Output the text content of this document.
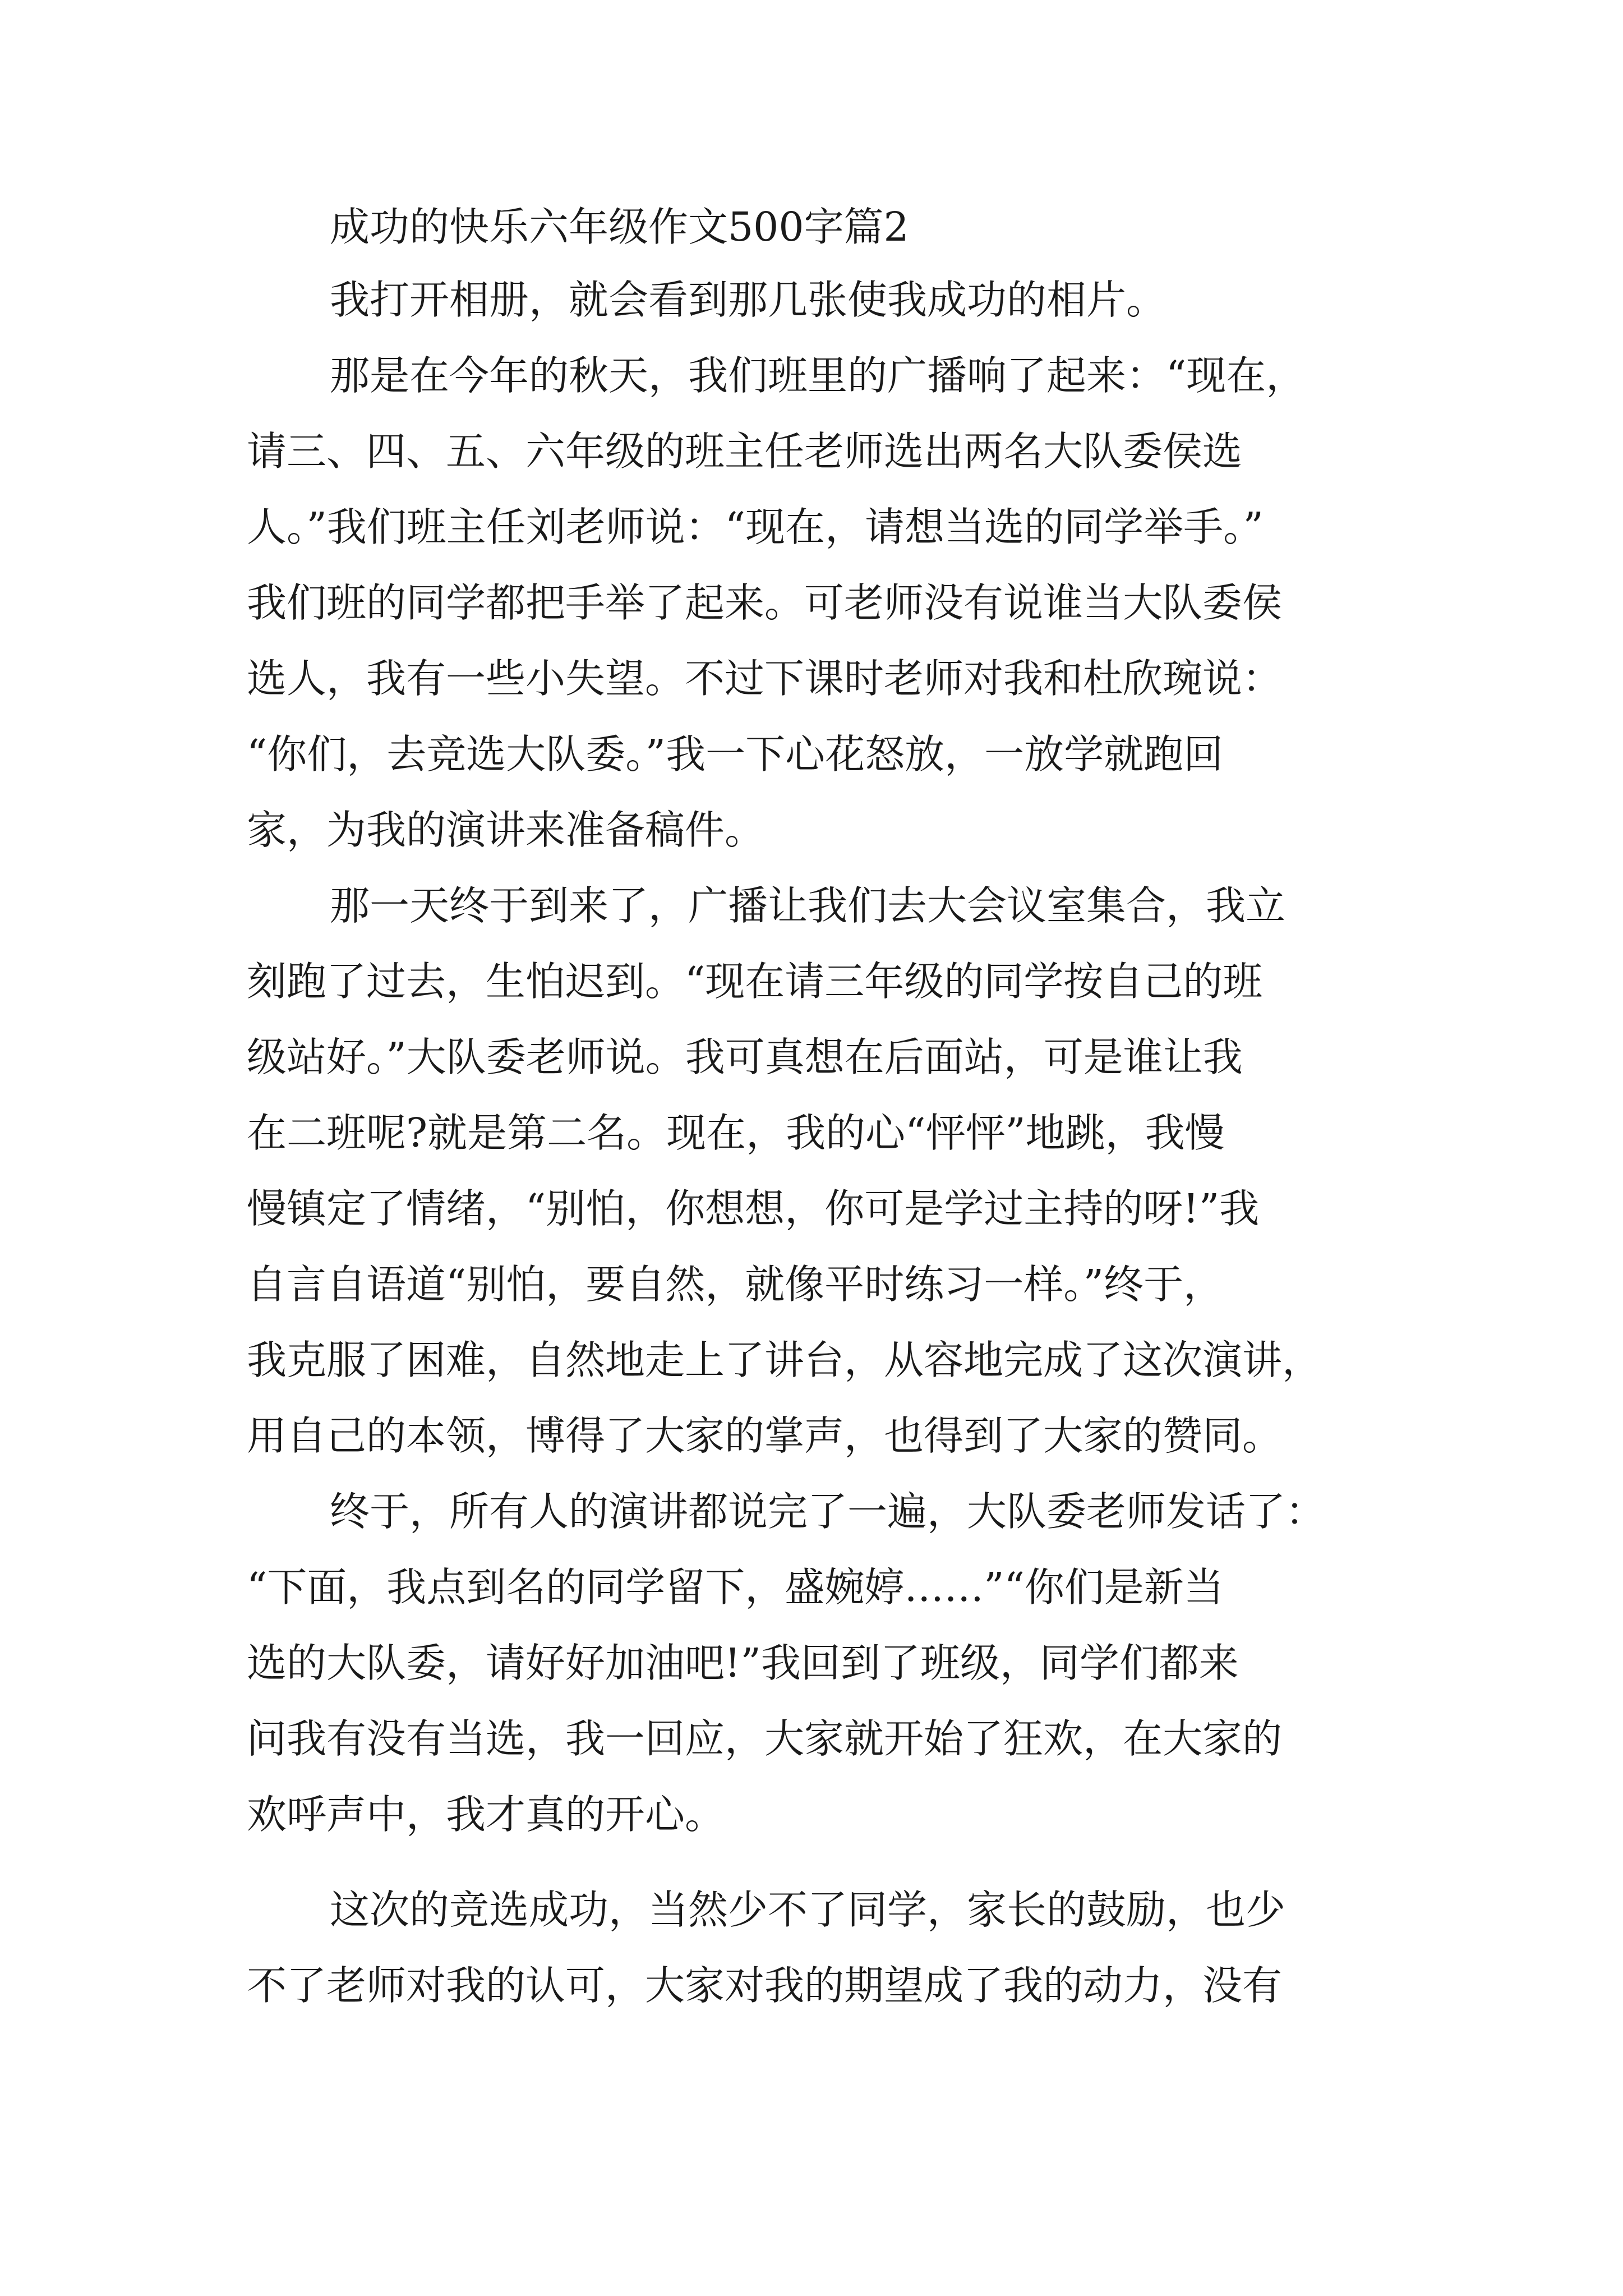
成功的快乐六年级作文500字篇2
我打开相册，就会看到那几张使我成功的相片。
那是在今年的秋天，我们班里的广播响了起来：“现在，
请三、四、五、六年级的班主任老师选出两名大队委侯选
人。”我们班主任刘老师说：“现在，请想当选的同学举手。”
我们班的同学都把手举了起来。可老师没有说谁当大队委侯
选人，我有一些小失望。不过下课时老师对我和杜欣琬说：
“你们，去竞选大队委。”我一下心花怒放，一放学就跑回
家，为我的演讲来准备稿件。
那一天终于到来了，广播让我们去大会议室集合，我立
刻跑了过去，生怕迟到。“现在请三年级的同学按自己的班
级站好。”大队委老师说。我可真想在后面站，可是谁让我
在二班呢?就是第二名。现在，我的心“怦怦”地跳，我慢
慢镇定了情绪，“别怕，你想想，你可是学过主持的呀!”我
自言自语道“别怕，要自然，就像平时练习一样。”终于，
我克服了困难，自然地走上了讲台，从容地完成了这次演讲，
用自己的本领，博得了大家的掌声，也得到了大家的赞同。
终于，所有人的演讲都说完了一遍，大队委老师发话了：
“下面，我点到名的同学留下，盛婉婷……”“你们是新当
选的大队委，请好好加油吧!”我回到了班级，同学们都来
问我有没有当选，我一回应，大家就开始了狂欢，在大家的
欢呼声中，我才真的开心。
这次的竞选成功，当然少不了同学，家长的鼓励，也少
不了老师对我的认可，大家对我的期望成了我的动力，没有
